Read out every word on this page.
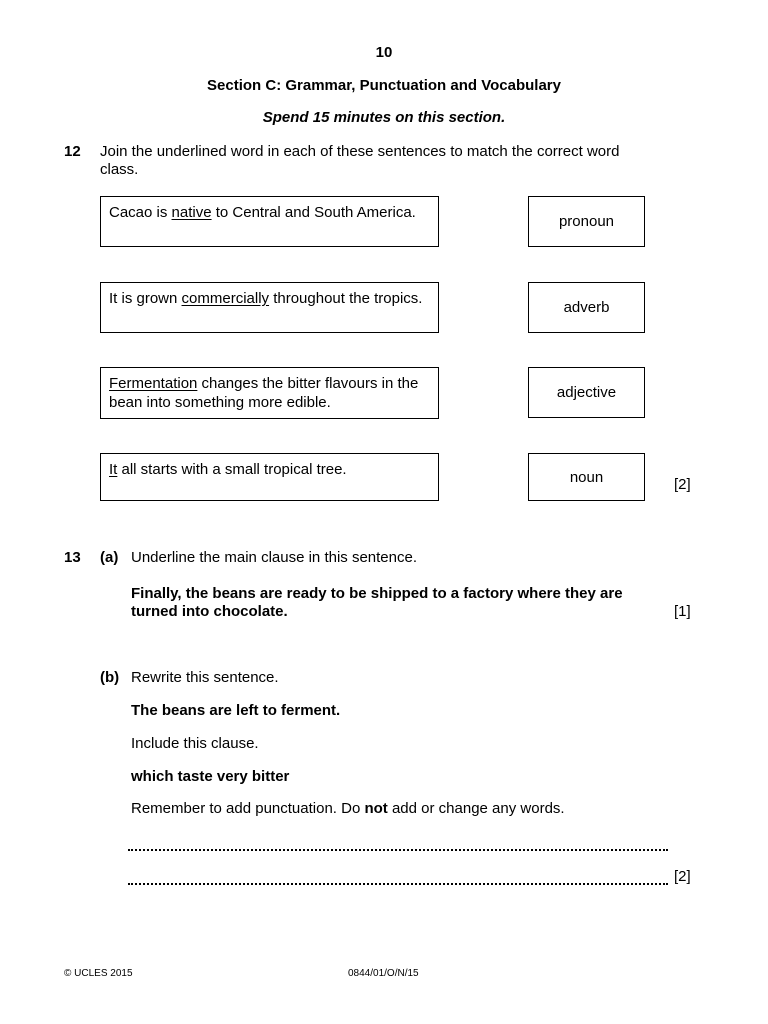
10
Section C: Grammar, Punctuation and Vocabulary
Spend 15 minutes on this section.
12 Join the underlined word in each of these sentences to match the correct word class.
Cacao is native to Central and South America.
It is grown commercially throughout the tropics.
Fermentation changes the bitter flavours in the bean into something more edible.
It all starts with a small tropical tree.
pronoun
adverb
adjective
noun	[2]
13 (a) Underline the main clause in this sentence.
Finally, the beans are ready to be shipped to a factory where they are turned into chocolate.	[1]
(b) Rewrite this sentence.
The beans are left to ferment.
Include this clause.
which taste very bitter
Remember to add punctuation. Do not add or change any words.
[2]
© UCLES 2015	0844/01/O/N/15
